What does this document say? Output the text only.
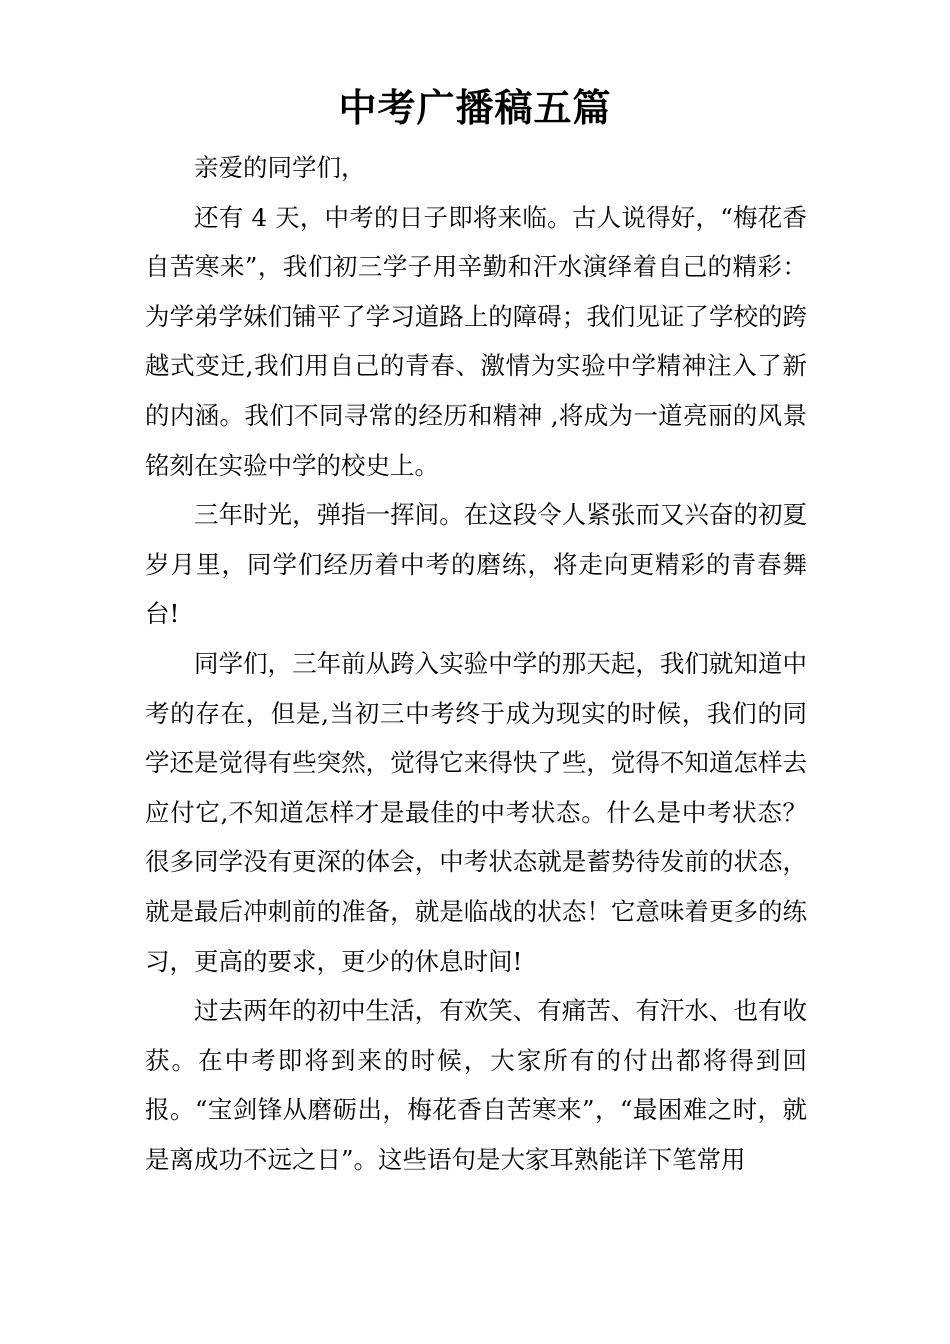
中考广播稿五篇

亲爱的同学们，

还有 4 天，中考的日子即将来临。古人说得好，“梅花香自苦寒来”，我们初三学子用辛勤和汗水演绎着自己的精彩：为学弟学妹们铺平了学习道路上的障碍；我们见证了学校的跨越式变迁,我们用自己的青春、激情为实验中学精神注入了新的内涵。我们不同寻常的经历和精神 ,将成为一道亮丽的风景铭刻在实验中学的校史上。

三年时光，弹指一挥间。在这段令人紧张而又兴奋的初夏岁月里，同学们经历着中考的磨练，将走向更精彩的青春舞台!

同学们，三年前从跨入实验中学的那天起，我们就知道中考的存在，但是,当初三中考终于成为现实的时候，我们的同学还是觉得有些突然，觉得它来得快了些，觉得不知道怎样去应付它,不知道怎样才是最佳的中考状态。什么是中考状态？很多同学没有更深的体会，中考状态就是蓄势待发前的状态，就是最后冲刺前的准备，就是临战的状态！它意味着更多的练习，更高的要求，更少的休息时间!

过去两年的初中生活，有欢笑、有痛苦、有汗水、也有收获。在中考即将到来的时候，大家所有的付出都将得到回报。“宝剑锋从磨砺出，梅花香自苦寒来”，“最困难之时，就是离成功不远之日”。这些语句是大家耳熟能详下笔常用
